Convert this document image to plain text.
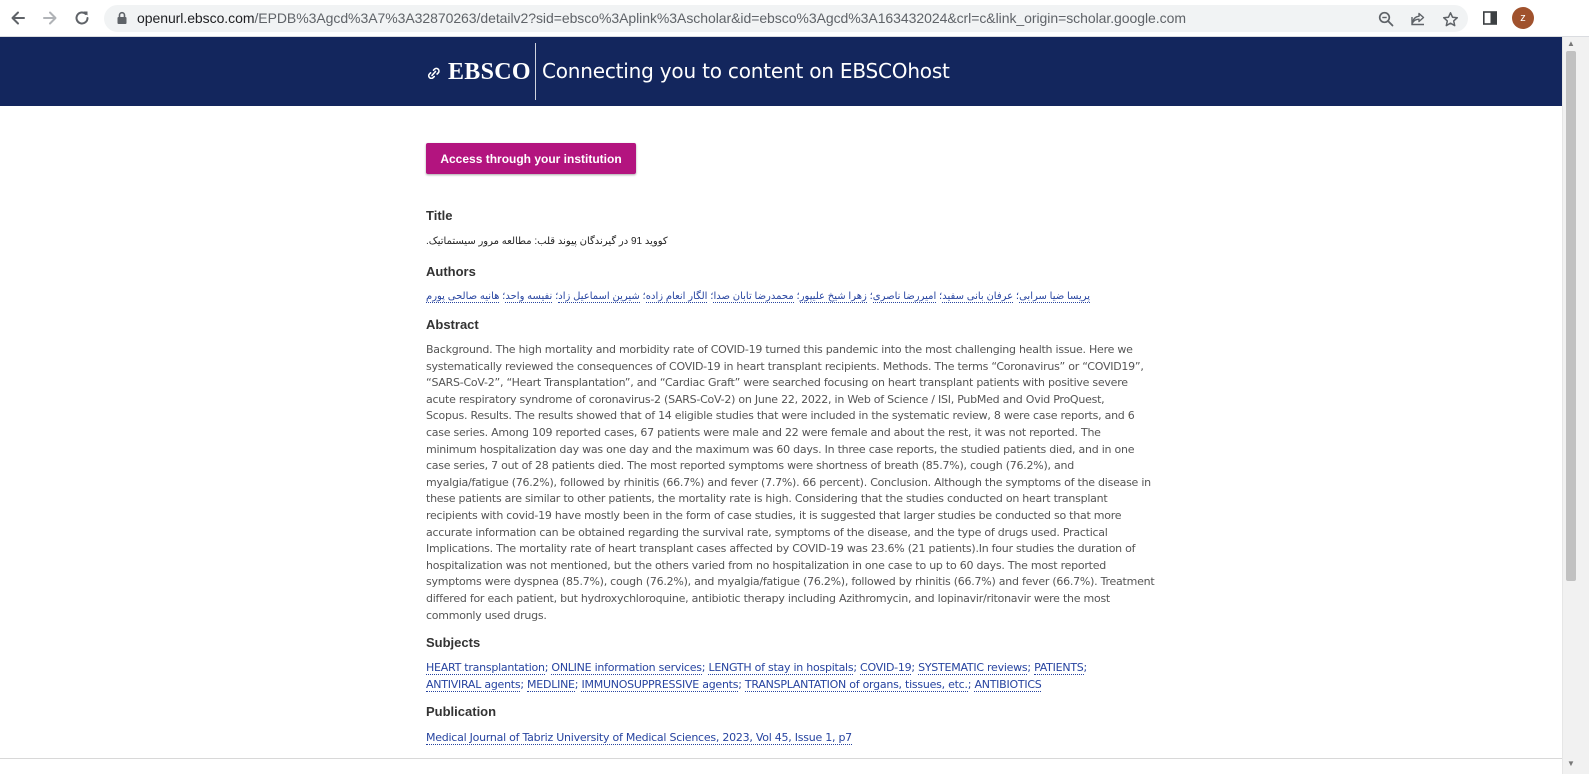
openurl.ebsco.com/EPDB%3Agcd%3A7%3A32870263/detailv2?sid=ebsco%3Aplink%3Ascholar&id=ebsco%3Agcd%3A163432024&crl=c&link_origin=scholar.google.com	z
EBSCO Connecting you to content on EBSCOhost
▲
▼
Access through your institution
Title
کووید 19 در گیرندگان پیوند قلب: مطالعه مرور سیستماتیک.
Authors
پریسا ضیا سرابی؛ عرفان بانی سفید؛ امیررضا ناصری؛ زهرا شیخ علیپور؛ محمدرضا تابان صدا؛ الگار انعام زاده؛ شیرین اسماعیل زاد؛ نفیسه واحد؛ هانیه صالحی پورم
Abstract
Background. The high mortality and morbidity rate of COVID-19 turned this pandemic into the most challenging health issue. Here we
systematically reviewed the consequences of COVID-19 in heart transplant recipients. Methods. The terms “Coronavirus” or “COVID19”,
“SARS-CoV-2”, “Heart Transplantation”, and “Cardiac Graft” were searched focusing on heart transplant patients with positive severe
acute respiratory syndrome of coronavirus-2 (SARS-CoV-2) on June 22, 2022, in Web of Science / ISI, PubMed and Ovid ProQuest,
Scopus. Results. The results showed that of 14 eligible studies that were included in the systematic review, 8 were case reports, and 6
case series. Among 109 reported cases, 67 patients were male and 22 were female and about the rest, it was not reported. The
minimum hospitalization day was one day and the maximum was 60 days. In three case reports, the studied patients died, and in one
case series, 7 out of 28 patients died. The most reported symptoms were shortness of breath (85.7%), cough (76.2%), and
myalgia/fatigue (76.2%), followed by rhinitis (66.7%) and fever (7.7%). 66 percent). Conclusion. Although the symptoms of the disease in
these patients are similar to other patients, the mortality rate is high. Considering that the studies conducted on heart transplant
recipients with covid-19 have mostly been in the form of case studies, it is suggested that larger studies be conducted so that more
accurate information can be obtained regarding the survival rate, symptoms of the disease, and the type of drugs used. Practical
Implications. The mortality rate of heart transplant cases affected by COVID-19 was 23.6% (21 patients).In four studies the duration of
hospitalization was not mentioned, but the others varied from no hospitalization in one case to up to 60 days. The most reported
symptoms were dyspnea (85.7%), cough (76.2%), and myalgia/fatigue (76.2%), followed by rhinitis (66.7%) and fever (66.7%). Treatment
differed for each patient, but hydroxychloroquine, antibiotic therapy including Azithromycin, and lopinavir/ritonavir were the most
commonly used drugs.
Subjects
HEART transplantation; ONLINE information services; LENGTH of stay in hospitals; COVID-19; SYSTEMATIC reviews; PATIENTS; ANTIVIRAL agents; MEDLINE; IMMUNOSUPPRESSIVE agents; TRANSPLANTATION of organs, tissues, etc.; ANTIBIOTICS
Publication
Medical Journal of Tabriz University of Medical Sciences, 2023, Vol 45, Issue 1, p7
